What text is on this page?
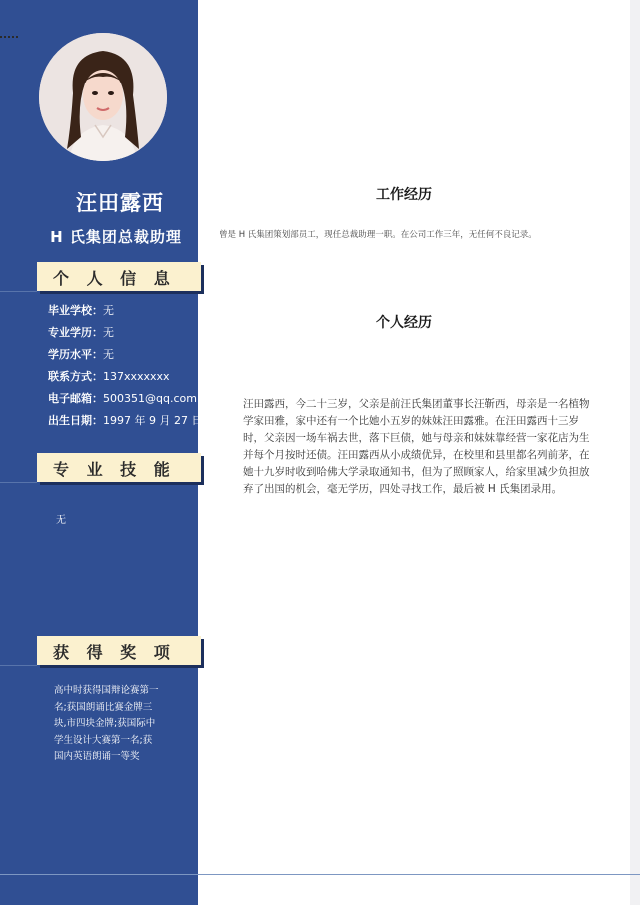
汪田露西
H 氏集团总裁助理
个 人 信 息
毕业学校：无
专业学历：无
学历水平：无
联系方式：137xxxxxxx
电子邮箱：500351@qq.com
出生日期：1997 年 9 月 27 日
专 业 技 能
无
获 得 奖 项
高中时获得国辩论赛第一名;获国朗诵比赛金牌三块,市四块金牌;获国际中学生设计大赛第一名;获国内英语朗诵一等奖
工作经历
曾是 H 氏集团策划部员工，现任总裁助理一职。在公司工作三年，无任何不良记录。
个人经历
汪田露西，今二十三岁，父亲是前汪氏集团董事长汪靳西，母亲是一名植物学家田雅，家中还有一个比她小五岁的妹妹汪田露雅。在汪田露西十三岁时，父亲因一场车祸去世，落下巨债，她与母亲和妹妹靠经营一家花店为生并每个月按时还债。汪田露西从小成绩优异，在校里和县里都名列前茅，在她十九岁时收到哈佛大学录取通知书，但为了照顾家人，给家里减少负担放弃了出国的机会，毫无学历，四处寻找工作，最后被 H 氏集团录用。
